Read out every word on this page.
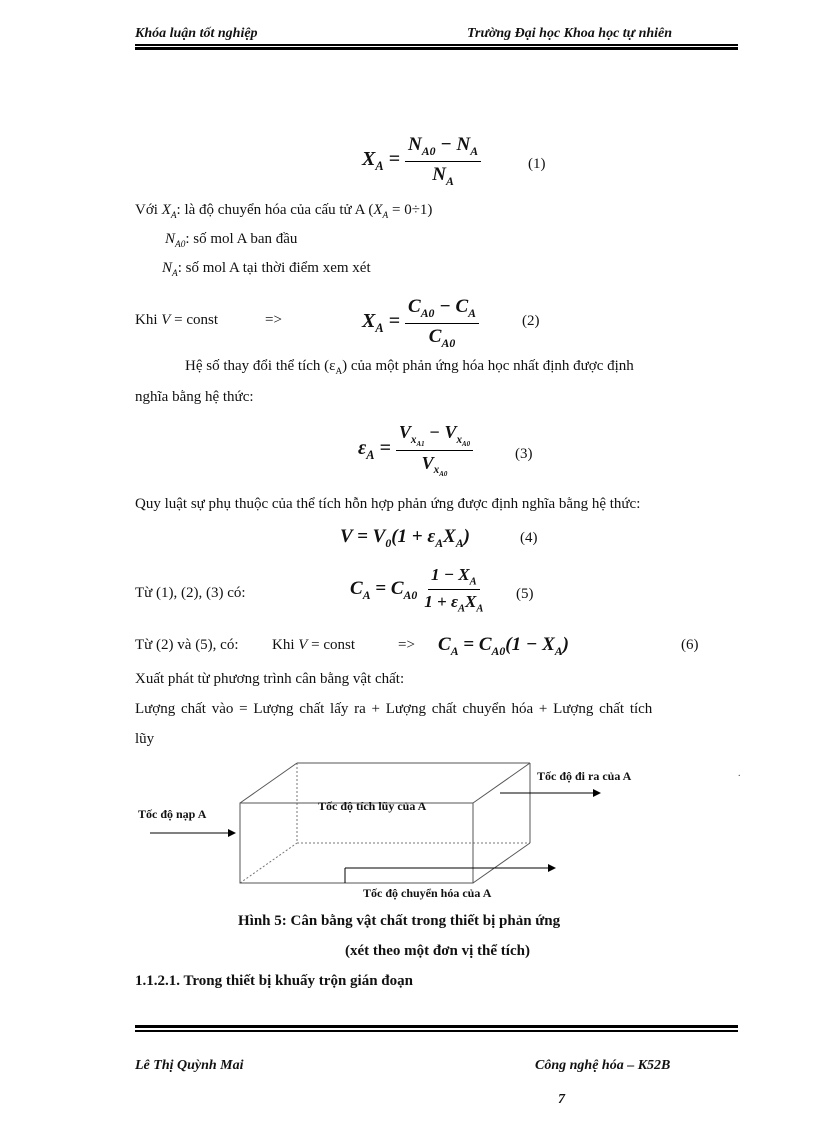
Khóa luận tốt nghiệp	Trường Đại học Khoa học tự nhiên
$X_A = \frac{N_{A0} - N_A}{N_A}$	(1)
Với $X_A$: là độ chuyển hóa của cấu tử A $(X_A = 0\div 1)$
$N_{A0}$: số mol A ban đầu
$N_A$: số mol A tại thời điểm xem xét
Khi V = const	=>	$X_A = \frac{C_{A0} - C_A}{C_{A0}}$	(2)
Hệ số thay đổi thể tích $(\varepsilon_A)$ của một phản ứng hóa học nhất định được định
nghĩa bằng hệ thức:
$\varepsilon_A = \frac{V_{x_{A1}} - V_{x_{A0}}}{V_{x_{A0}}}$	(3)
Quy luật sự phụ thuộc của thể tích hỗn hợp phản ứng được định nghĩa bằng hệ thức:
$V = V_0(1 + \varepsilon_AX_A)$	(4)
Từ (1), (2), (3) có:	$C_A = C_{A0} \frac{1 - X_A}{1 + \varepsilon_AX_A} (5)$
Từ (2) và (5), có: Khi V = const	=> $C_A = C_{A0}(1 - X_A)$	(6)
Xuất phát từ phương trình cân bằng vật chất:
Lượng chất vào = Lượng chất lấy ra + Lượng chất chuyển hóa + Lượng chất tích
lũy
.
Tốc độ nạp A
Tốc độ đi ra của A
Tốc độ tích lũy của A
Tốc độ chuyển hóa của A
Hình 5: Cân bằng vật chất trong thiết bị phản ứng
(xét theo một đơn vị thể tích)
1.1.2.1. Trong thiết bị khuấy trộn gián đoạn
Lê Thị Quỳnh Mai	Công nghệ hóa – K52B
7
